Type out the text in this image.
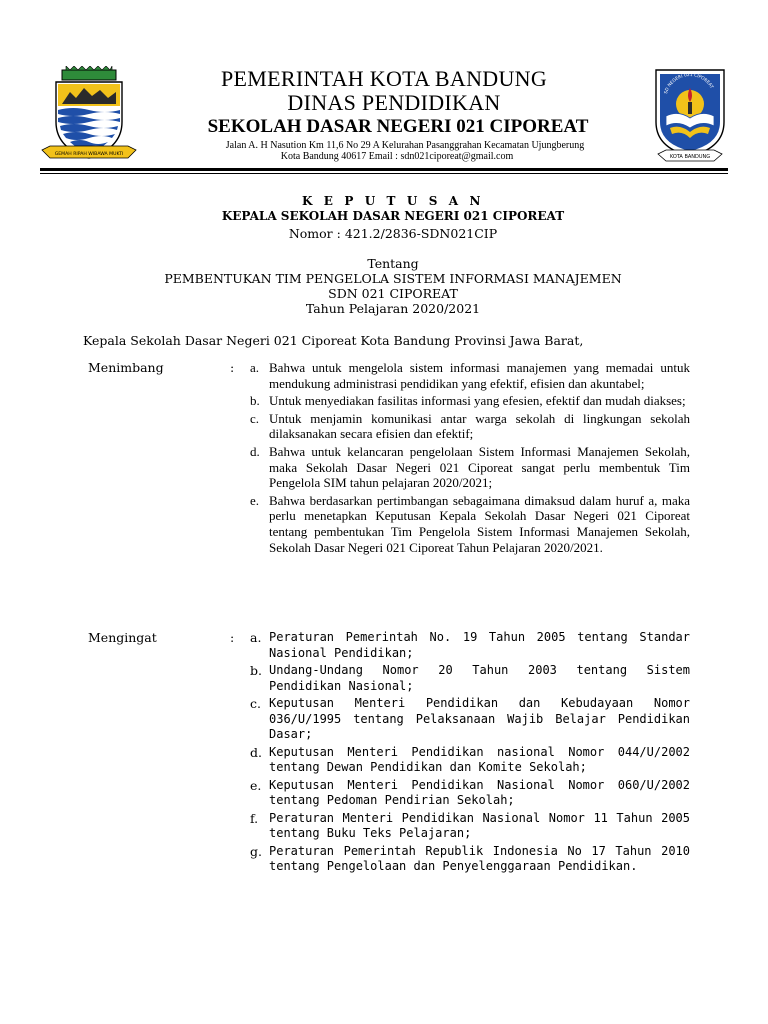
GEMAH RIPAH WIBAWA MUKTI
SD NEGERI 021 CIPOREAT
KOTA BANDUNG
PEMERINTAH KOTA BANDUNG
DINAS PENDIDIKAN
SEKOLAH DASAR NEGERI 021 CIPOREAT
Jalan A. H Nasution Km 11,6 No 29 A Kelurahan Pasanggrahan Kecamatan Ujungberung
Kota Bandung 40617 Email : sdn021ciporeat@gmail.com
K E P U T U S A N
KEPALA SEKOLAH DASAR NEGERI 021 CIPOREAT
Nomor : 421.2/2836-SDN021CIP
Tentang
PEMBENTUKAN TIM PENGELOLA SISTEM INFORMASI MANAJEMEN
SDN 021 CIPOREAT
Tahun Pelajaran 2020/2021
Kepala Sekolah Dasar Negeri 021 Ciporeat Kota Bandung Provinsi Jawa Barat,
Menimbang	: a. Bahwa untuk mengelola sistem informasi manajemen yang memadai untuk mendukung administrasi pendidikan yang efektif, efisien dan akuntabel;
b. Untuk menyediakan fasilitas informasi yang efesien, efektif dan mudah diakses;
c. Untuk menjamin komunikasi antar warga sekolah di lingkungan sekolah dilaksanakan secara efisien dan efektif;
d. Bahwa untuk kelancaran pengelolaan Sistem Informasi Manajemen Sekolah, maka Sekolah Dasar Negeri 021 Ciporeat sangat perlu membentuk Tim Pengelola SIM tahun pelajaran 2020/2021;
e. Bahwa berdasarkan pertimbangan sebagaimana dimaksud dalam huruf a, maka perlu menetapkan Keputusan Kepala Sekolah Dasar Negeri 021 Ciporeat tentang pembentukan Tim Pengelola Sistem Informasi Manajemen Sekolah, Sekolah Dasar Negeri 021 Ciporeat Tahun Pelajaran 2020/2021.
Mengingat	: a. Peraturan Pemerintah No. 19 Tahun 2005 tentang Standar Nasional Pendidikan;
b. Undang-Undang Nomor 20 Tahun 2003 tentang Sistem Pendidikan Nasional;
c. Keputusan Menteri Pendidikan dan Kebudayaan Nomor 036/U/1995 tentang Pelaksanaan Wajib Belajar Pendidikan Dasar;
d. Keputusan Menteri Pendidikan nasional Nomor 044/U/2002 tentang Dewan Pendidikan dan Komite Sekolah;
e. Keputusan Menteri Pendidikan Nasional Nomor 060/U/2002 tentang Pedoman Pendirian Sekolah;
f. Peraturan Menteri Pendidikan Nasional Nomor 11 Tahun 2005 tentang Buku Teks Pelajaran;
g. Peraturan Pemerintah Republik Indonesia No 17 Tahun 2010 tentang Pengelolaan dan Penyelenggaraan Pendidikan.
